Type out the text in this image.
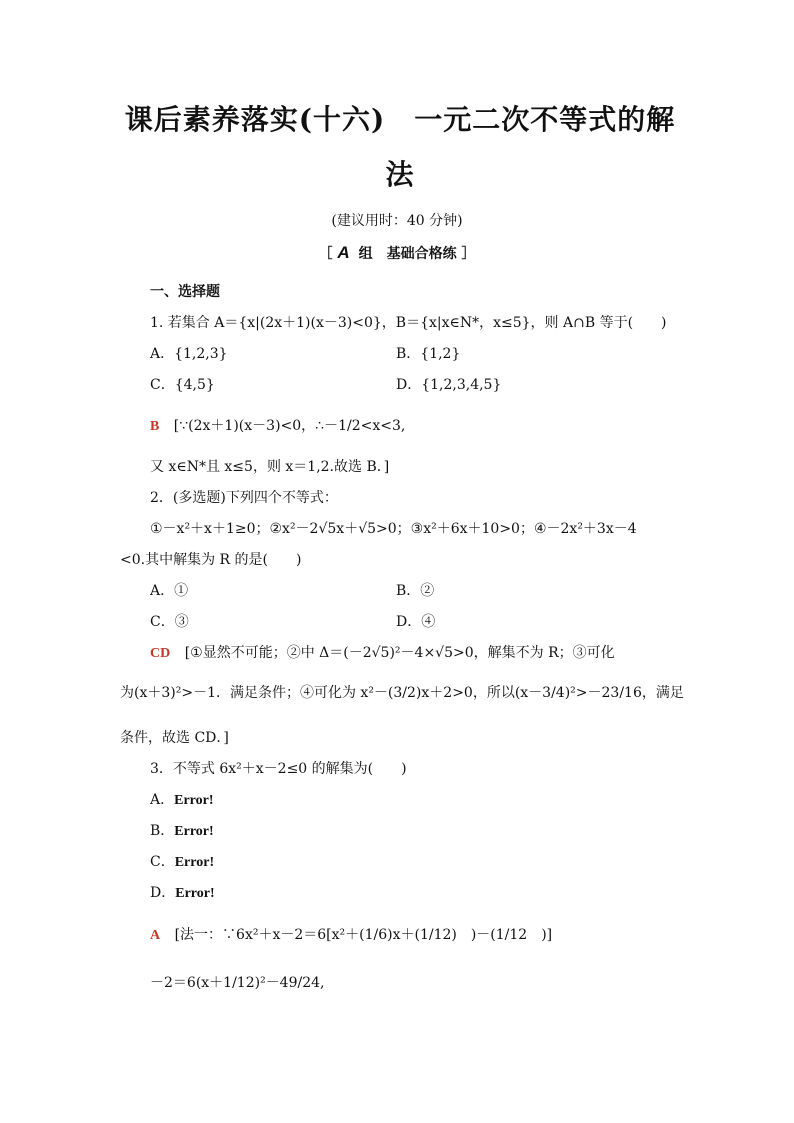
课后素养落实(十六)　一元二次不等式的解
法
(建议用时：40 分钟)
［ A 组　基础合格练 ］
一、选择题
1. 若集合 A＝{x|(2x＋1)(x－3)<0}，B＝{x|x∈N*，x≤5}，则 A∩B 等于(　　)
A．{1,2,3}	B．{1,2}
C．{4,5}	D．{1,2,3,4,5}
B [∵(2x＋1)(x－3)<0，∴－1/2<x<3,
又 x∈N*且 x≤5，则 x＝1,2.故选 B．]
2．(多选题)下列四个不等式：
①－x²＋x＋1≥0；②x²－2√5x＋√5>0；③x²＋6x＋10>0；④－2x²＋3x－4
<0.其中解集为 R 的是(　　)
A．①	B．②
C．③	D．④
CD [①显然不可能；②中 Δ＝(－2√5)²－4×√5>0，解集不为 R；③可化
为(x＋3)²>－1．满足条件；④可化为 x²－(3/2)x＋2>0，所以(x－3/4)²>－23/16，满足
条件，故选 CD．]
3．不等式 6x²＋x－2≤0 的解集为(　　)
A．Error!
B．Error!
C．Error!
D．Error!
A [法一：∵6x²＋x－2＝6[x²＋(1/6)x＋(1/12)　)－(1/12　)]
－2＝6(x＋1/12)²－49/24,
